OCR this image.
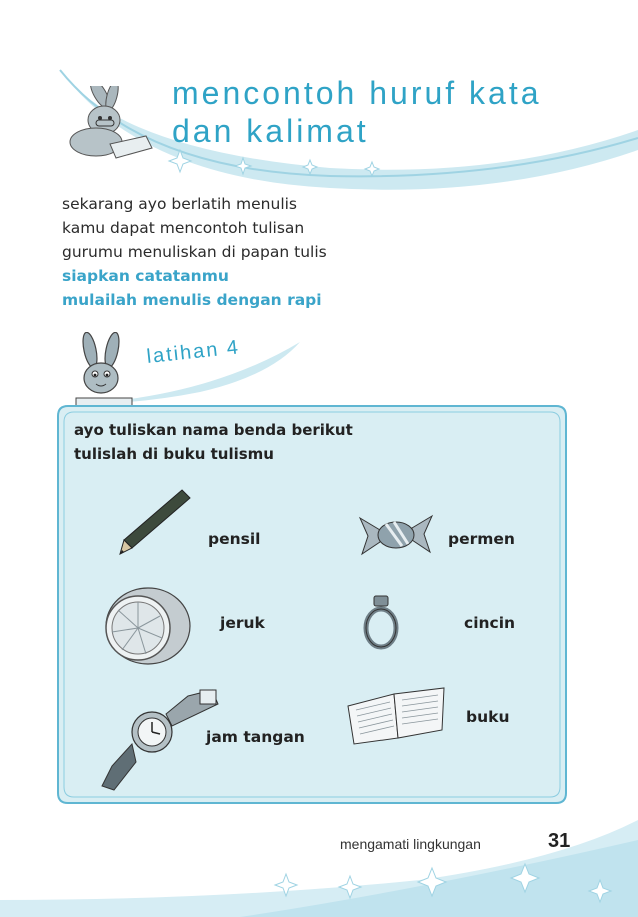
mencontoh huruf kata
dan kalimat
sekarang ayo berlatih menulis
kamu dapat mencontoh tulisan
gurumu menuliskan di papan tulis
siapkan catatanmu
mulailah menulis dengan rapi
latihan 4
ayo tuliskan nama benda berikut
tulislah di buku tulismu
pensil	permen
jeruk	cincin
jam tangan
buku
mengamati lingkungan	31
